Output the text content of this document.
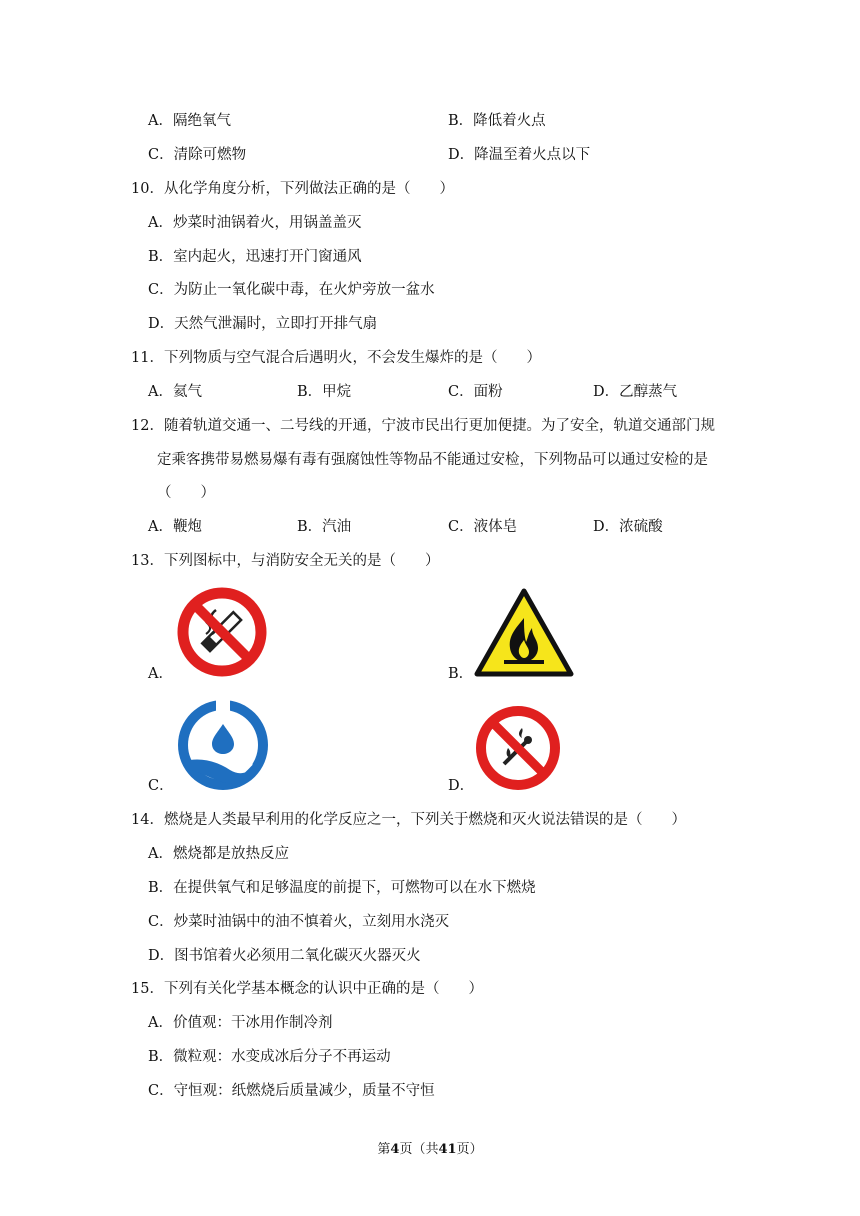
A．隔绝氧气	B．降低着火点
C．清除可燃物	D．降温至着火点以下
10．从化学角度分析，下列做法正确的是（　　）
A．炒菜时油锅着火，用锅盖盖灭
B．室内起火，迅速打开门窗通风
C．为防止一氧化碳中毒，在火炉旁放一盆水
D．天然气泄漏时，立即打开排气扇
11．下列物质与空气混合后遇明火，不会发生爆炸的是（　　）
A．氦气	B．甲烷	C．面粉	D．乙醇蒸气
12．随着轨道交通一、二号线的开通，宁波市民出行更加便捷。为了安全，轨道交通部门规
定乘客携带易燃易爆有毒有强腐蚀性等物品不能通过安检，下列物品可以通过安检的是
（　　）
A．鞭炮	B．汽油	C．液体皂	D．浓硫酸
13．下列图标中，与消防安全无关的是（　　）
A．	B．
C．	D．
14．燃烧是人类最早利用的化学反应之一，下列关于燃烧和灭火说法错误的是（　　）
A．燃烧都是放热反应
B．在提供氧气和足够温度的前提下，可燃物可以在水下燃烧
C．炒菜时油锅中的油不慎着火，立刻用水浇灭
D．图书馆着火必须用二氧化碳灭火器灭火
15．下列有关化学基本概念的认识中正确的是（　　）
A．价值观：干冰用作制冷剂
B．微粒观：水变成冰后分子不再运动
C．守恒观：纸燃烧后质量减少，质量不守恒
第4页（共41页）
